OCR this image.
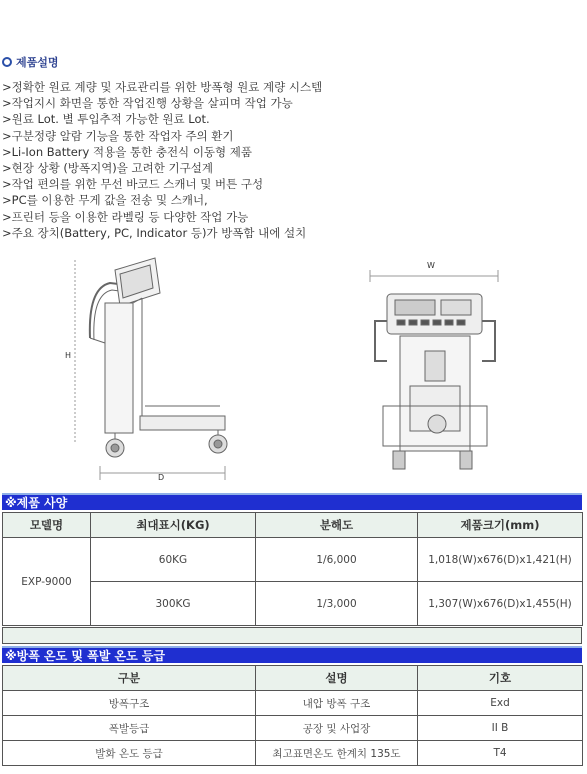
제품설명
>정확한 원료 계량 및 자료관리를 위한 방폭형 원료 계량 시스템
>작업지시 화면을 통한 작업진행 상황을 살피며 작업 가능
>원료 Lot. 별 투입추적 가능한 원료 Lot.
>구분정량 알람 기능을 통한 작업자 주의 환기
>Li-Ion Battery 적용을 통한 충전식 이동형 제품
>현장 상황 (방폭지역)을 고려한 기구설계
>작업 편의를 위한 무선 바코드 스캐너 및 버튼 구성
>PC를 이용한 무게 값을 전송 및 스캐너,
>프린터 등을 이용한 라벨링 등 다양한 작업 가능
>주요 장치(Battery, PC, Indicator 등)가 방폭함 내에 설치
H
D
W
※제품 사양
모델명	최대표시(KG)	분해도	제품크기(mm)
EXP-9000	60KG	1/6,000	1,018(W)x676(D)x1,421(H)
	300KG	1/3,000	1,307(W)x676(D)x1,455(H)
※방폭 온도 및 폭발 온도 등급
구분	설명	기호
방폭구조	내압 방폭 구조	Exd
폭발등급	공장 및 사업장	II B
발화 온도 등급	최고표면온도 한계치 135도	T4
